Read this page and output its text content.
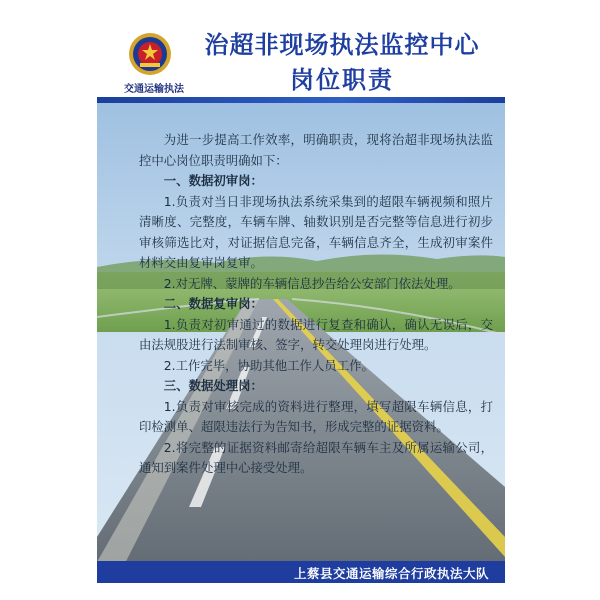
交通运输执法
治超非现场执法监控中心
岗位职责

为进一步提高工作效率，明确职责，现将治超非现场执法监控中心岗位职责明确如下：

一、数据初审岗：

1.负责对当日非现场执法系统采集到的超限车辆视频和照片清晰度、完整度，车辆车牌、轴数识别是否完整等信息进行初步审核筛选比对，对证据信息完备，车辆信息齐全，生成初审案件材料交由复审岗复审。

2.对无牌、蒙牌的车辆信息抄告给公安部门依法处理。

二、数据复审岗：

1.负责对初审通过的数据进行复查和确认，确认无误后，交由法规股进行法制审核、签字，转交处理岗进行处理。

2.工作完毕，协助其他工作人员工作。

三、数据处理岗：

1.负责对审核完成的资料进行整理，填写超限车辆信息，打印检测单、超限违法行为告知书，形成完整的证据资料。

2.将完整的证据资料邮寄给超限车辆车主及所属运输公司，通知到案件处理中心接受处理。

上蔡县交通运输综合行政执法大队
